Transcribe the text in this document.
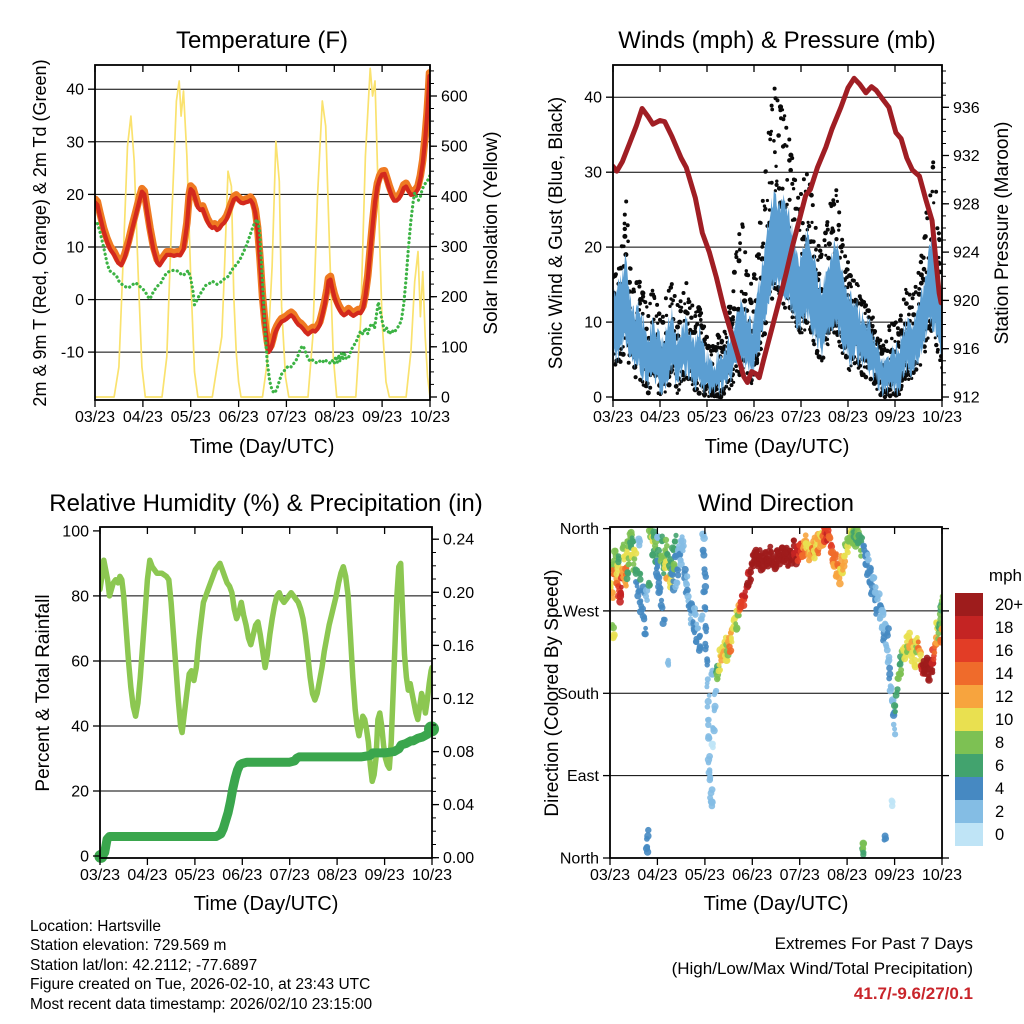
Temperature (F)
2m & 9m T (Red, Orange) & 2m Td (Green)	Solar Insolation (Yellow)
Time (Day/UTC)
03/23 04/23 05/23 06/23 07/23 08/23 09/23 10/23
-10
0
10
20
30
40
0
100
200
300
400
500
600
Winds (mph) & Pressure (mb)
Sonic Wind & Gust (Blue, Black)	Station Pressure (Maroon)
Time (Day/UTC)
03/23 04/23 05/23 06/23 07/23 08/23 09/23 10/23
0
10
20
30
40
912
916
920
924
928
932
936
Relative Humidity (%) & Precipitation (in)
Percent & Total Rainfall
Time (Day/UTC)
03/23 04/23 05/23 06/23 07/23 08/23 09/23 10/23
0
20
40
60
80
100
0.00
0.04
0.08
0.12
0.16
0.20
0.24
Wind Direction
Direction (Colored By Speed)
Time (Day/UTC)
mph
03/23 04/23 05/23 06/23 07/23 08/23 09/23 10/23
North
West
South
East
North
20+
18
16
14
12
10
8
6
4
2
0
Location: Hartsville
Station elevation: 729.569 m
Station lat/lon: 42.2112; -77.6897
Figure created on Tue, 2026-02-10, at 23:43 UTC
Most recent data timestamp: 2026/02/10 23:15:00
Extremes For Past 7 Days
(High/Low/Max Wind/Total Precipitation)
41.7/-9.6/27/0.1
